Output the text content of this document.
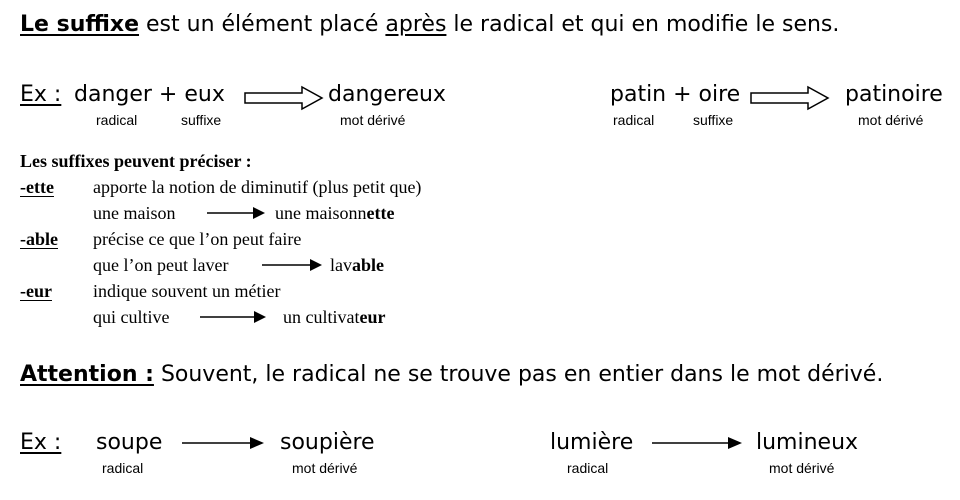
Le suffixe est un élément placé après le radical et qui en modifie le sens.
Ex : danger + eux	dangereux
radical	suffixe	mot dérivé
patin + oire	patinoire
radical	suffixe	mot dérivé
Les suffixes peuvent préciser :
-ette apporte la notion de diminutif (plus petit que)
une maison	une maisonnette
-able précise ce que l’on peut faire
que l’on peut laver	lavable
-eur indique souvent un métier
qui cultive	un cultivateur
Attention : Souvent, le radical ne se trouve pas en entier dans le mot dérivé.
Ex : soupe	soupière
radical	mot dérivé
lumière	lumineux
radical	mot dérivé
